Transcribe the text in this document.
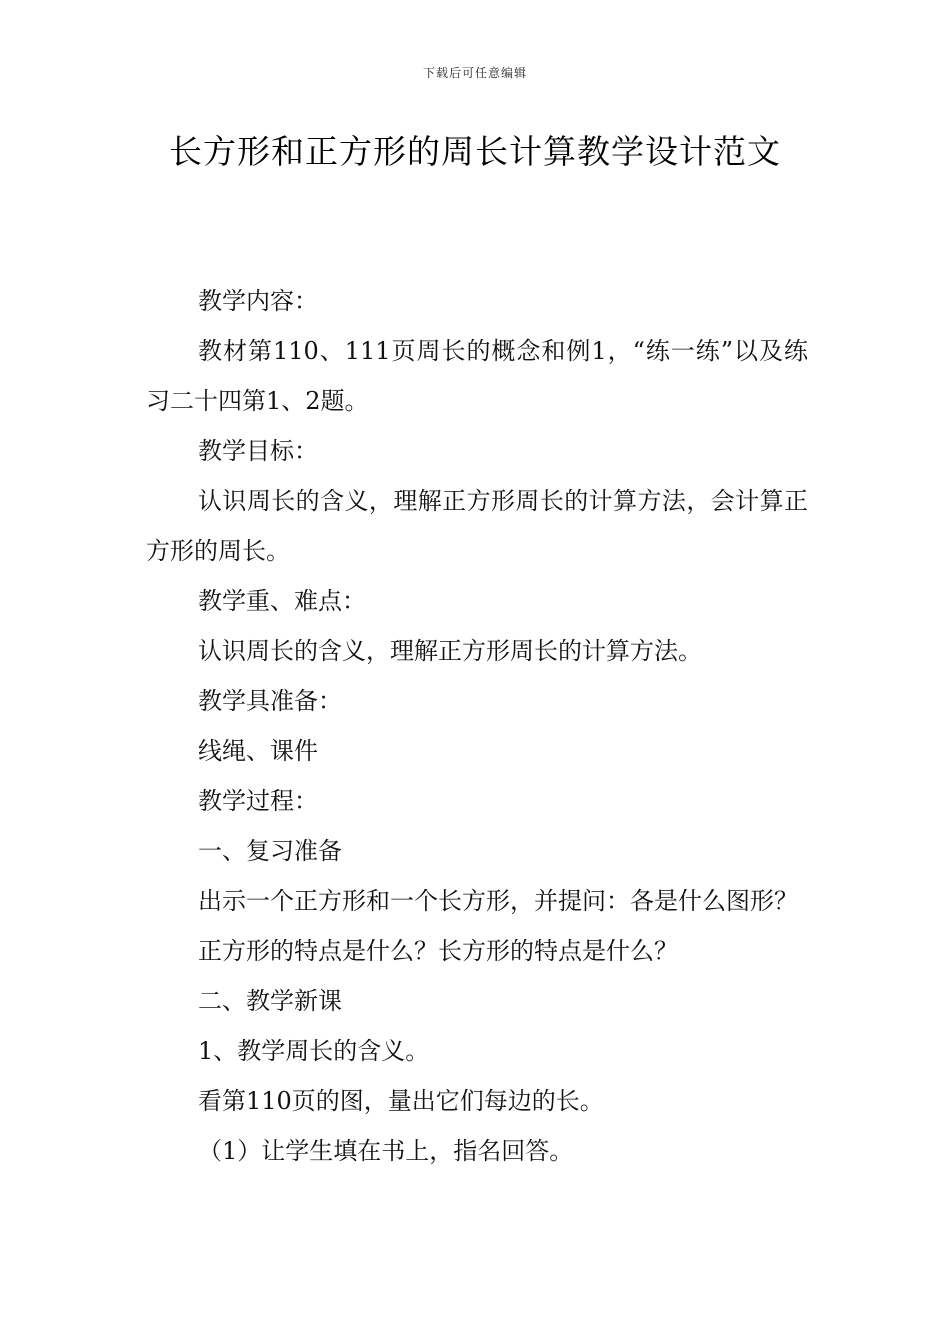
下载后可任意编辑
长方形和正方形的周长计算教学设计范文

教学内容：

教材第110、111页周长的概念和例1，“练一练”以及练习二十四第1、2题。

教学目标：

认识周长的含义，理解正方形周长的计算方法，会计算正方形的周长。

教学重、难点：

认识周长的含义，理解正方形周长的计算方法。

教学具准备：

线绳、课件

教学过程：

一、复习准备

出示一个正方形和一个长方形，并提问：各是什么图形？

正方形的特点是什么？长方形的特点是什么？

二、教学新课

1、教学周长的含义。

看第110页的图，量出它们每边的长。

（1）让学生填在书上，指名回答。
